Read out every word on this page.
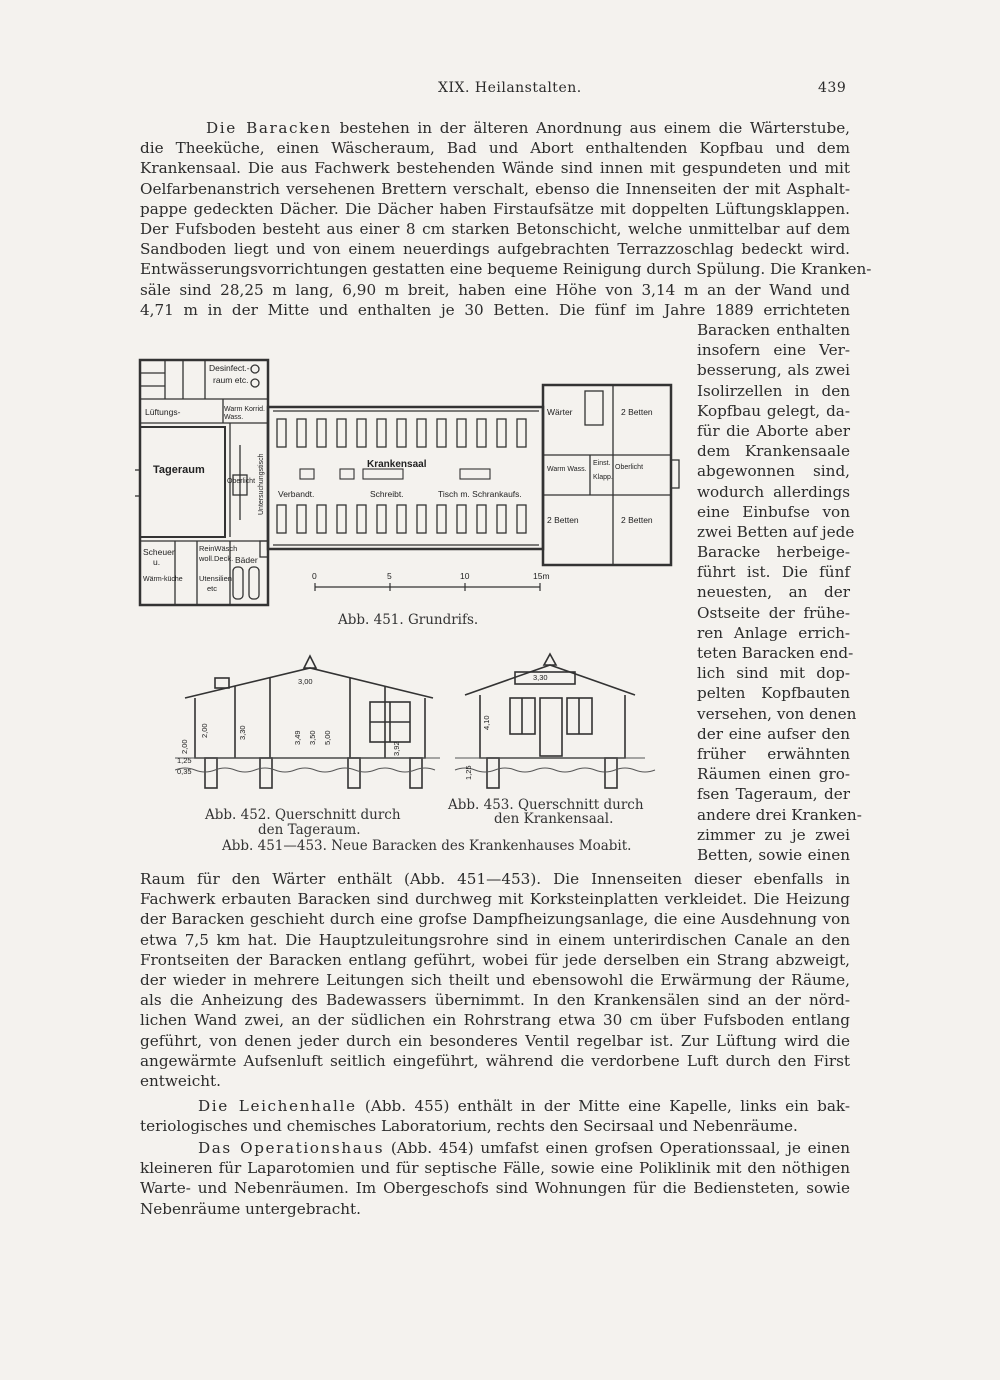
XIX. Heilanstalten.	439
Die Baracken bestehen in der älteren Anordnung aus einem die Wärterstube,
die Theeküche, einen Wäscheraum, Bad und Abort enthaltenden Kopfbau und dem
Krankensaal. Die aus Fachwerk bestehenden Wände sind innen mit gespundeten und mit
Oelfarbenanstrich versehenen Brettern verschalt, ebenso die Innenseiten der mit Asphalt-
pappe gedeckten Dächer. Die Dächer haben Firstaufsätze mit doppelten Lüftungsklappen.
Der Fufsboden besteht aus einer 8 cm starken Betonschicht, welche unmittelbar auf dem
Sandboden liegt und von einem neuerdings aufgebrachten Terrazzoschlag bedeckt wird.
Entwässerungsvorrichtungen gestatten eine bequeme Reinigung durch Spülung. Die Kranken-
säle sind 28,25 m lang, 6,90 m breit, haben eine Höhe von 3,14 m an der Wand und
4,71 m in der Mitte und enthalten je 30 Betten. Die fünf im Jahre 1889 errichteten
Baracken enthalten
insofern eine Ver-
besserung, als zwei
Isolirzellen in den
Kopfbau gelegt, da-
für die Aborte aber
dem Krankensaale
abgewonnen sind,
wodurch allerdings
eine Einbufse von
zwei Betten auf jede
Baracke herbeige-
führt ist. Die fünf
neuesten, an der
Ostseite der frühe-
ren Anlage errich-
teten Baracken end-
lich sind mit dop-
pelten Kopfbauten
versehen, von denen
der eine aufser den
früher erwähnten
Räumen einen gro-
fsen Tageraum, der
andere drei Kranken-
zimmer zu je zwei
Betten, sowie einen
Tageraum	Krankensaal
Verbandt.	Schreibt.	Tisch m. Schrankaufs.
Lüftungs-
Desinfect.-
raum etc.
Warm Korrid.
Wass.
Oberlicht Untersuchungstisch
Scheuer
u.
Wärm-küche
ReinWäsch
woll.Deck.
Utensilien
etc
Bäder
Wärter	2 Betten
Warm Wass.
Einst.
Klapp.
Oberlicht
2 Betten	2 Betten
0	5	10	15m
Abb. 451. Grundrifs.
3,00
2,00	3,30	3,49 3,50 5,00
3,92
2,00
1,25
0,35
3,30
4,10
1,25
Abb. 452. Querschnitt durch
den Tageraum.
Abb. 453. Querschnitt durch
den Krankensaal.
Abb. 451—453. Neue Baracken des Krankenhauses Moabit.
Raum für den Wärter enthält (Abb. 451—453). Die Innenseiten dieser ebenfalls in
Fachwerk erbauten Baracken sind durchweg mit Korksteinplatten verkleidet. Die Heizung
der Baracken geschieht durch eine grofse Dampfheizungsanlage, die eine Ausdehnung von
etwa 7,5 km hat. Die Hauptzuleitungsrohre sind in einem unterirdischen Canale an den
Frontseiten der Baracken entlang geführt, wobei für jede derselben ein Strang abzweigt,
der wieder in mehrere Leitungen sich theilt und ebensowohl die Erwärmung der Räume,
als die Anheizung des Badewassers übernimmt. In den Krankensälen sind an der nörd-
lichen Wand zwei, an der südlichen ein Rohrstrang etwa 30 cm über Fufsboden entlang
geführt, von denen jeder durch ein besonderes Ventil regelbar ist. Zur Lüftung wird die
angewärmte Aufsenluft seitlich eingeführt, während die verdorbene Luft durch den First
entweicht.
Die Leichenhalle (Abb. 455) enthält in der Mitte eine Kapelle, links ein bak-
teriologisches und chemisches Laboratorium, rechts den Secirsaal und Nebenräume.
Das Operationshaus (Abb. 454) umfafst einen grofsen Operationssaal, je einen
kleineren für Laparotomien und für septische Fälle, sowie eine Poliklinik mit den nöthigen
Warte- und Nebenräumen. Im Obergeschofs sind Wohnungen für die Bediensteten, sowie
Nebenräume untergebracht.
